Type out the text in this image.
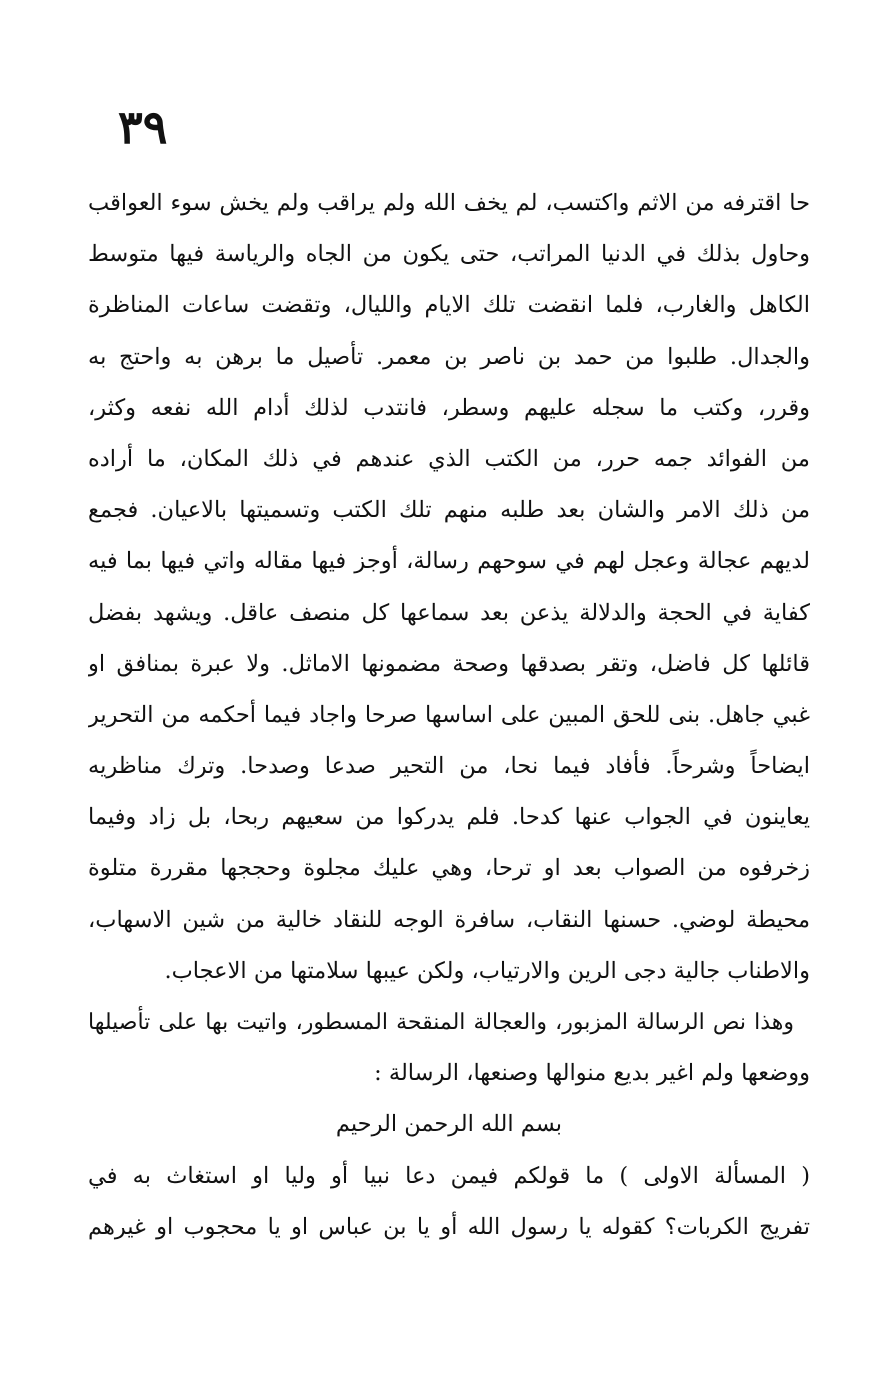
٣٩
حا اقترفه من الاثم واكتسب، لم يخف الله ولم يراقب ولم يخش سوء العواقب
وحاول بذلك في الدنيا المراتب، حتى يكون من الجاه والرياسة فيها متوسط
الكاهل والغارب، فلما انقضت تلك الايام والليال، وتقضت ساعات المناظرة
والجدال. طلبوا من حمد بن ناصر بن معمر. تأصيل ما برهن به واحتج به
وقرر، وكتب ما سجله عليهم وسطر، فانتدب لذلك أدام الله نفعه وكثر،
من الفوائد جمه حرر، من الكتب الذي عندهم في ذلك المكان، ما أراده
من ذلك الامر والشان بعد طلبه منهم تلك الكتب وتسميتها بالاعيان. فجمع
لديهم عجالة وعجل لهم في سوحهم رسالة، أوجز فيها مقاله واتي فيها بما فيه
كفاية في الحجة والدلالة يذعن بعد سماعها كل منصف عاقل. ويشهد بفضل
قائلها كل فاضل، وتقر بصدقها وصحة مضمونها الاماثل. ولا عبرة بمنافق او
غبي جاهل. بنى للحق المبين على اساسها صرحا واجاد فيما أحكمه من التحرير
ايضاحاً وشرحاً. فأفاد فيما نحا، من التحير صدعا وصدحا. وترك مناظريه
يعاينون في الجواب عنها كدحا. فلم يدركوا من سعيهم ربحا، بل زاد وفيما
زخرفوه من الصواب بعد او ترحا، وهي عليك مجلوة وحججها مقررة متلوة
محيطة لوضي. حسنها النقاب، سافرة الوجه للنقاد خالية من شين الاسهاب،
والاطناب جالية دجى الرين والارتياب، ولكن عيبها سلامتها من الاعجاب.
وهذا نص الرسالة المزبور، والعجالة المنقحة المسطور، واتيت بها على تأصيلها
ووضعها ولم اغير بديع منوالها وصنعها، الرسالة :
بسم الله الرحمن الرحيم
( المسألة الاولى ) ما قولكم فيمن دعا نبيا أو وليا او استغاث به في
تفريج الكربات؟ كقوله يا رسول الله أو يا بن عباس او يا محجوب او غيرهم
